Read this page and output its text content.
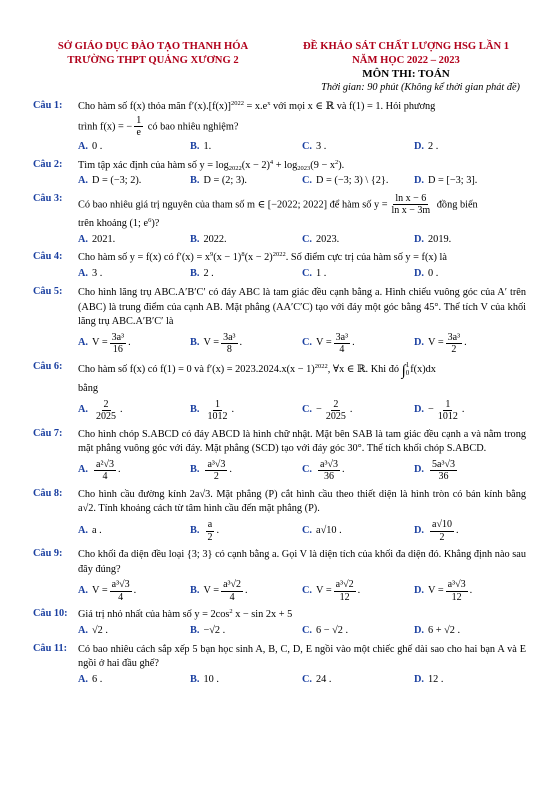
SỞ GIÁO DỤC ĐÀO TẠO THANH HÓA
TRƯỜNG THPT QUẢNG XƯƠNG 2
ĐỀ KHẢO SÁT CHẤT LƯỢNG HSG LẦN 1
NĂM HỌC 2022 – 2023
MÔN THI: TOÁN
Thời gian: 90 phút (Không kể thời gian phát đề)
Câu 1:	Cho hàm số f(x) thỏa mãn $f'(x).[f(x)]^{2022} = x.e^x$ với mọi x ∈ ℝ và f(1) = 1. Hỏi phương

trình f(x) = − $\frac{1}{e}$ có bao nhiêu nghiệm?

A. 0 .	B. 1.	C. 3 .	D. 2 .
Câu 2:	Tìm tập xác định của hàm số $y = \log_{2022}(x - 2)^4 + \log_{2023}(9 - x^2)$.

A. D = (−3; 2).	B. D = (2; 3).	C. D = (−3; 3) \ {2}. D. D = [−3; 3].
Câu 3:

Có bao nhiêu giá trị nguyên của tham số m ∈ [−2022; 2022] để hàm số $y = \frac{\text{ln x − 6}}{\text{ln x − 3m}}$ đồng biến

trên khoảng (1; $e^6$)?

A. 2021.	B. 2022.	C. 2023.	D. 2019.
Câu 4:	Cho hàm số y = f(x) có $f'(x) = x^9(x - 1)^8(x - 2)^{2022}$. Số điểm cực trị của hàm số y = f(x) là

A. 3 .	B. 2 .	C. 1 .	D. 0 .
Câu 5:	Cho hình lăng trụ ABC.A′B′C′ có đáy ABC là tam giác đều cạnh bằng a. Hình chiếu vuông góc của A′ trên (ABC) là trung điểm của cạnh AB. Mặt phẳng (AA′C′C) tạo với đáy một góc bằng 45°. Thể tích V của khối lăng trụ ABC.A′B′C′ là

A. $V = \frac{\text{3a³}}{16}$ .	B. $V = \frac{\text{3a³}}{8}$ .	C. $V = \frac{\text{3a³}}{4}$ .	D. $V = \frac{\text{3a³}}{2}$ .
Câu 6:	Cho hàm số f(x) có f(1) = 0 và $f'(x) = 2023.2024.x(x - 1)^{2022}$, ∀x ∈ ℝ. Khi đó ∫ 1
0 f(x)dx

bằng

A. $\frac{2}{2025}$ .	B. $\frac{1}{1012}$ .	C. − $\frac{2}{2025}$ .	D. − $\frac{1}{1012}$ .
Câu 7:	Cho hình chóp S.ABCD có đáy ABCD là hình chữ nhật. Mặt bên SAB là tam giác đều cạnh a và nằm trong mặt phẳng vuông góc với đáy. Mặt phẳng (SCD) tạo với đáy góc 30°. Thể tích khối chóp S.ABCD.

A. $\frac{\text{a²√3}}{4}$ .	B. $\frac{\text{a³√3}}{2}$ .	C. $\frac{\text{a³√3}}{36}$ .	D. $\frac{\text{5a³√3}}{36}$
Câu 8:	Cho hình cầu đường kính 2a√3. Mặt phẳng (P) cắt hình cầu theo thiết diện là hình tròn có bán kính bằng a√2. Tính khoảng cách từ tâm hình cầu đến mặt phẳng (P).

A. a .	B. $\frac{a}{2}$ .	C. a√10 .	D. $\frac{a√10}{2}$ .
Câu 9:	Cho khối đa diện đều loại {3; 3} có cạnh bằng a. Gọi V là diện tích của khối đa diện đó. Khẳng định nào sau đây đúng?

A. $V = \frac{\text{a³√3}}{4}$ .	B. $V = \frac{\text{a³√2}}{4}$ .	C. $V = \frac{\text{a³√2}}{12}$ .	D. $V = \frac{\text{a³√3}}{12}$ .
Câu 10:	Giá trị nhỏ nhất của hàm số $y = 2\cos^2$ x − sin 2x + 5

A. √2 .	B. −√2 .	C. 6 − √2 .	D. 6 + √2 .
Câu 11:	Có bao nhiêu cách sắp xếp 5 bạn học sinh A, B, C, D, E ngồi vào một chiếc ghế dài sao cho hai bạn A và E ngồi ở hai đầu ghế?

A. 6 .	B. 10 .	C. 24 .	D. 12 .
